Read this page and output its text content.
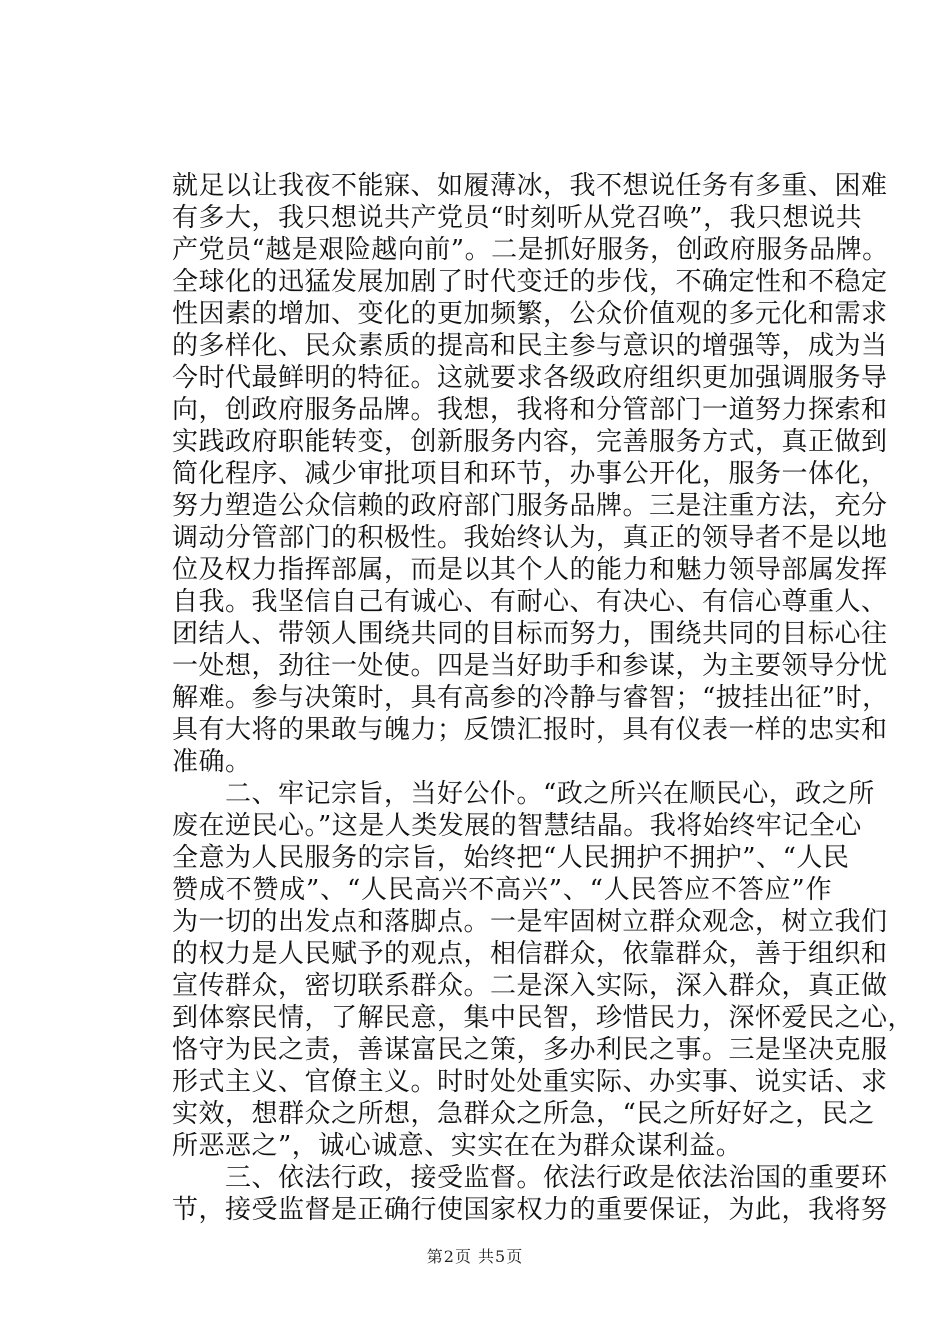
就足以让我夜不能寐、如履薄冰，我不想说任务有多重、困难
有多大，我只想说共产党员“时刻听从党召唤”，我只想说共
产党员“越是艰险越向前”。二是抓好服务，创政府服务品牌。
全球化的迅猛发展加剧了时代变迁的步伐，不确定性和不稳定
性因素的增加、变化的更加频繁，公众价值观的多元化和需求
的多样化、民众素质的提高和民主参与意识的增强等，成为当
今时代最鲜明的特征。这就要求各级政府组织更加强调服务导
向，创政府服务品牌。我想，我将和分管部门一道努力探索和
实践政府职能转变，创新服务内容，完善服务方式，真正做到
简化程序、减少审批项目和环节，办事公开化，服务一体化，
努力塑造公众信赖的政府部门服务品牌。三是注重方法，充分
调动分管部门的积极性。我始终认为，真正的领导者不是以地
位及权力指挥部属，而是以其个人的能力和魅力领导部属发挥
自我。我坚信自己有诚心、有耐心、有决心、有信心尊重人、
团结人、带领人围绕共同的目标而努力，围绕共同的目标心往
一处想，劲往一处使。四是当好助手和参谋，为主要领导分忧
解难。参与决策时，具有高参的冷静与睿智；“披挂出征”时，
具有大将的果敢与魄力；反馈汇报时，具有仪表一样的忠实和
准确。
　　二、牢记宗旨，当好公仆。“政之所兴在顺民心，政之所
废在逆民心。”这是人类发展的智慧结晶。我将始终牢记全心
全意为人民服务的宗旨，始终把“人民拥护不拥护”、“人民
赞成不赞成”、“人民高兴不高兴”、“人民答应不答应”作
为一切的出发点和落脚点。一是牢固树立群众观念，树立我们
的权力是人民赋予的观点，相信群众，依靠群众，善于组织和
宣传群众，密切联系群众。二是深入实际，深入群众，真正做
到体察民情，了解民意，集中民智，珍惜民力，深怀爱民之心，
恪守为民之责，善谋富民之策，多办利民之事。三是坚决克服
形式主义、官僚主义。时时处处重实际、办实事、说实话、求
实效，想群众之所想，急群众之所急，“民之所好好之，民之
所恶恶之”，诚心诚意、实实在在为群众谋利益。
　　三、依法行政，接受监督。依法行政是依法治国的重要环
节，接受监督是正确行使国家权力的重要保证，为此，我将努
第2页 共5页
